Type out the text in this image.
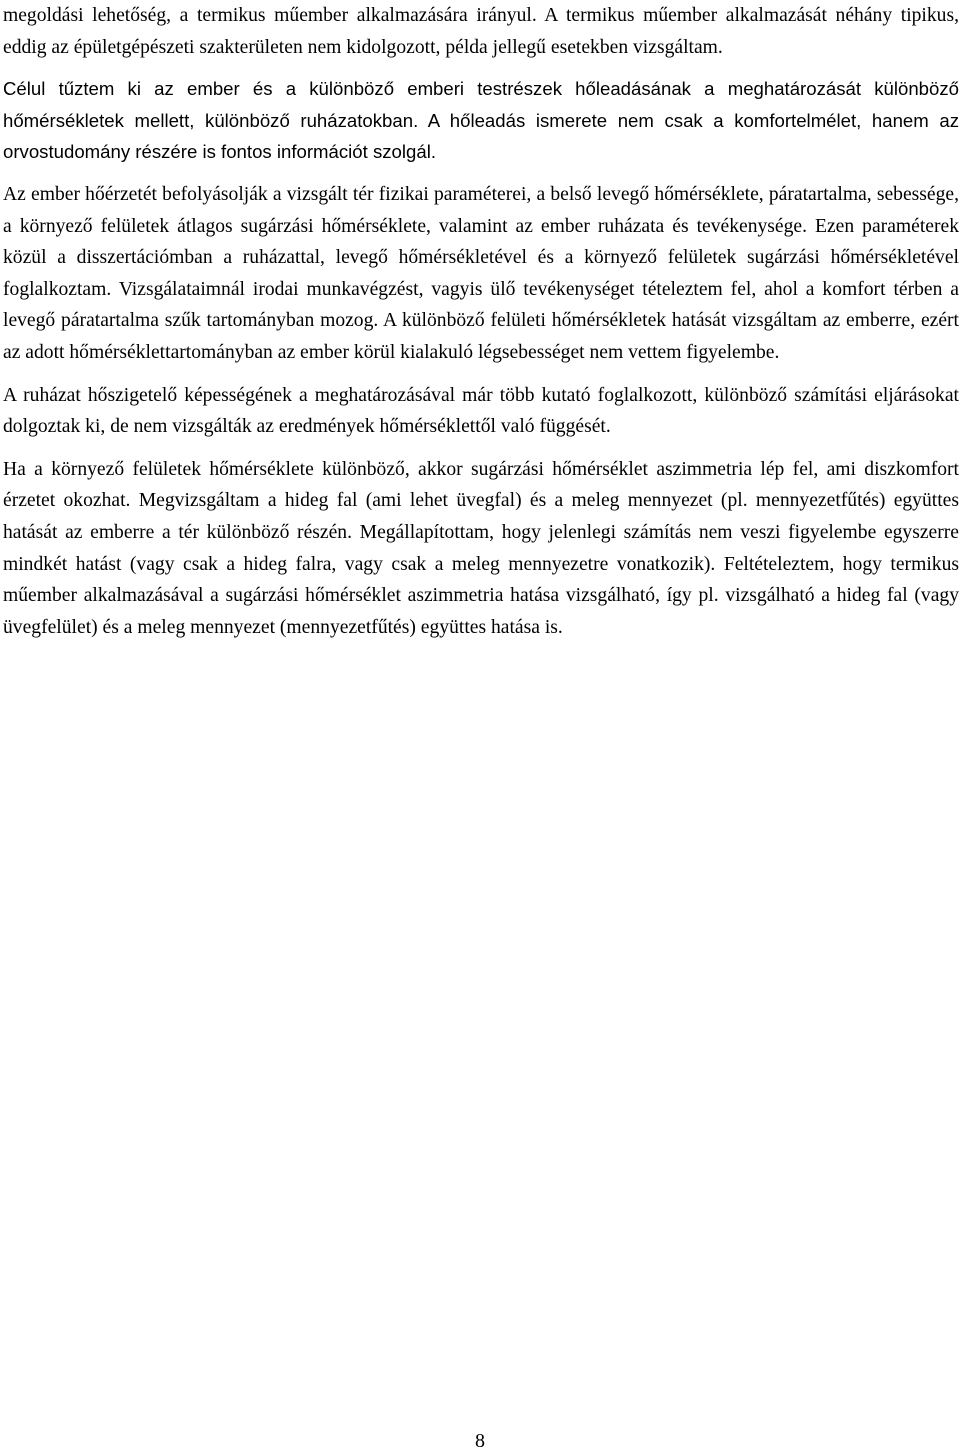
megoldási lehetőség, a termikus műember alkalmazására irányul. A termikus műember alkalmazását néhány tipikus, eddig az épületgépészeti szakterületen nem kidolgozott, példa jellegű esetekben vizsgáltam.

Célul tűztem ki az ember és a különböző emberi testrészek hőleadásának a meghatározását különböző hőmérsékletek mellett, különböző ruházatokban. A hőleadás ismerete nem csak a komfortelmélet, hanem az orvostudomány részére is fontos információt szolgál.

Az ember hőérzetét befolyásolják a vizsgált tér fizikai paraméterei, a belső levegő hőmérséklete, páratartalma, sebessége, a környező felületek átlagos sugárzási hőmérséklete, valamint az ember ruházata és tevékenysége. Ezen paraméterek közül a disszertációmban a ruházattal, levegő hőmérsékletével és a környező felületek sugárzási hőmérsékletével foglalkoztam. Vizsgálataimnál irodai munkavégzést, vagyis ülő tevékenységet tételeztem fel, ahol a komfort térben a levegő páratartalma szűk tartományban mozog. A különböző felületi hőmérsékletek hatását vizsgáltam az emberre, ezért az adott hőmérséklettartományban az ember körül kialakuló légsebességet nem vettem figyelembe.

A ruházat hőszigetelő képességének a meghatározásával már több kutató foglalkozott, különböző számítási eljárásokat dolgoztak ki, de nem vizsgálták az eredmények hőmérséklettől való függését.

Ha a környező felületek hőmérséklete különböző, akkor sugárzási hőmérséklet aszimmetria lép fel, ami diszkomfort érzetet okozhat. Megvizsgáltam a hideg fal (ami lehet üvegfal) és a meleg mennyezet (pl. mennyezetfűtés) együttes hatását az emberre a tér különböző részén. Megállapítottam, hogy jelenlegi számítás nem veszi figyelembe egyszerre mindkét hatást (vagy csak a hideg falra, vagy csak a meleg mennyezetre vonatkozik). Feltételeztem, hogy termikus műember alkalmazásával a sugárzási hőmérséklet aszimmetria hatása vizsgálható, így pl. vizsgálható a hideg fal (vagy üvegfelület) és a meleg mennyezet (mennyezetfűtés) együttes hatása is.

8
